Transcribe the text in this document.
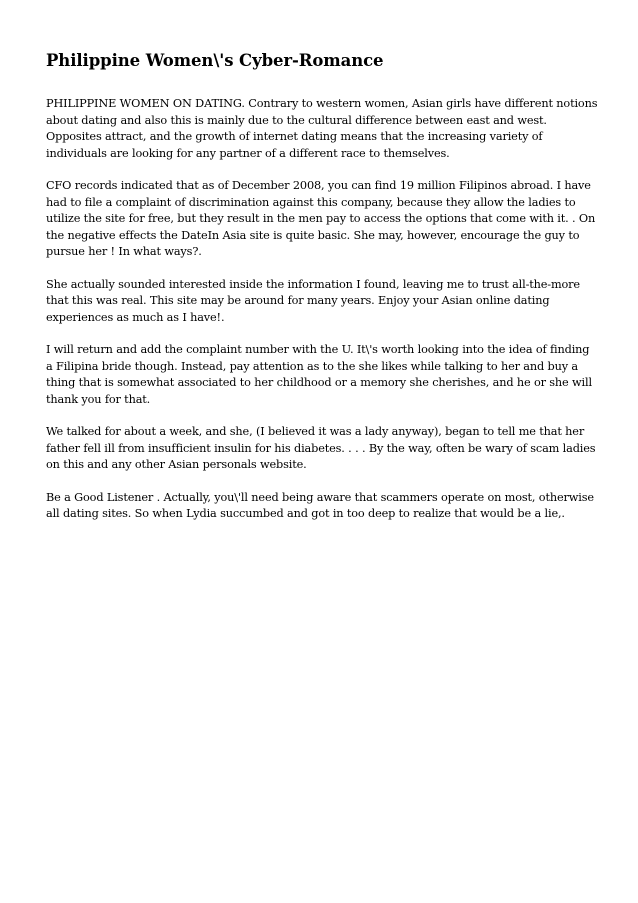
Philippine Women\'s Cyber-Romance

PHILIPPINE WOMEN ON DATING. Contrary to western women, Asian girls have different notions about dating and also this is mainly due to the cultural difference between east and west. Opposites attract, and the growth of internet dating means that the increasing variety of individuals are looking for any partner of a different race to themselves.

CFO records indicated that as of December 2008, you can find 19 million Filipinos abroad. I have had to file a complaint of discrimination against this company, because they allow the ladies to utilize the site for free, but they result in the men pay to access the options that come with it. . On the negative effects the DateIn Asia site is quite basic. She may, however, encourage the guy to pursue her ! In what ways?.

She actually sounded interested inside the information I found, leaving me to trust all-the-more that this was real. This site may be around for many years. Enjoy your Asian online dating experiences as much as I have!.

I will return and add the complaint number with the U. It\'s worth looking into the idea of finding a Filipina bride though. Instead, pay attention as to the she likes while talking to her and buy a thing that is somewhat associated to her childhood or a memory she cherishes, and he or she will thank you for that.

We talked for about a week, and she, (I believed it was a lady anyway), began to tell me that her father fell ill from insufficient insulin for his diabetes. . . . By the way, often be wary of scam ladies on this and any other Asian personals website.

Be a Good Listener . Actually, you\'ll need being aware that scammers operate on most, otherwise all dating sites. So when Lydia succumbed and got in too deep to realize that would be a lie,.
